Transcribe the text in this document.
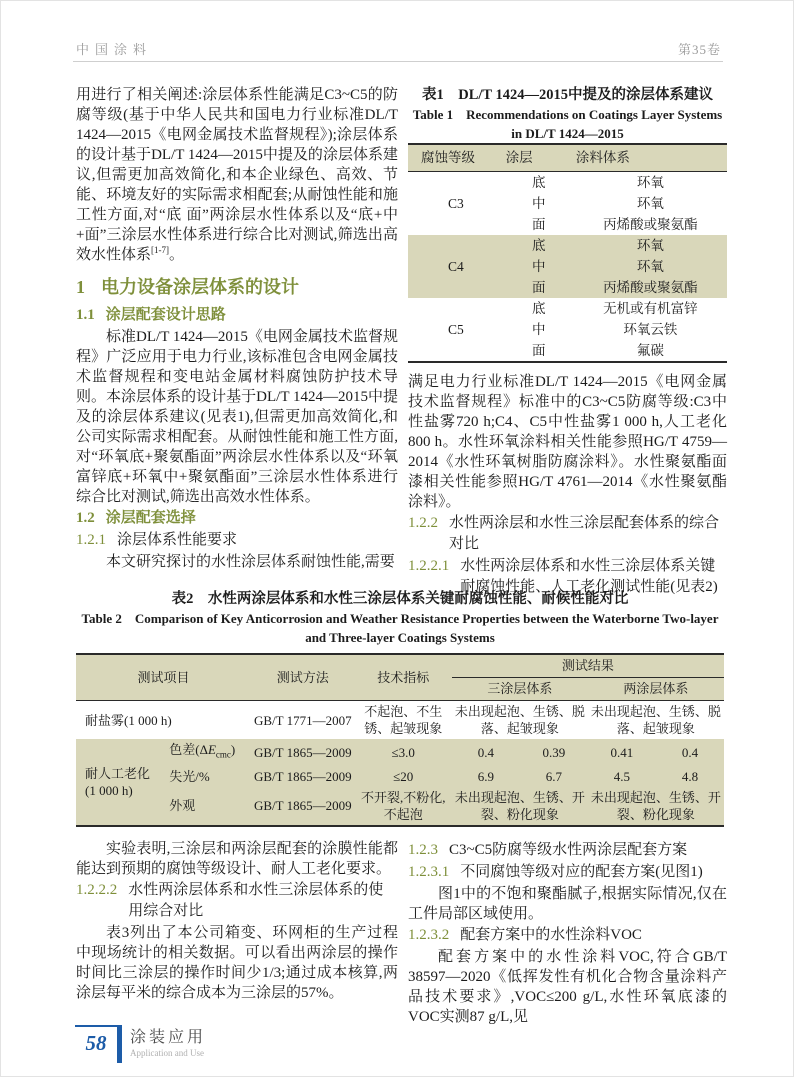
中国涂料	第35卷

用进行了相关阐述:涂层体系性能满足C3~C5的防腐等级(基于中华人民共和国电力行业标准DL/T 1424—2015《电网金属技术监督规程》);涂层体系的设计基于DL/T 1424—2015中提及的涂层体系建议,但需更加高效简化,和本企业绿色、高效、节能、环境友好的实际需求相配套;从耐蚀性能和施工性方面,对“底 面”两涂层水性体系以及“底+中+面”三涂层水性体系进行综合比对测试,筛选出高效水性体系[1-7]。

1 电力设备涂层体系的设计
1.1 涂层配套设计思路

标准DL/T 1424—2015《电网金属技术监督规程》广泛应用于电力行业,该标准包含电网金属技术监督规程和变电站金属材料腐蚀防护技术导则。本涂层体系的设计基于DL/T 1424—2015中提及的涂层体系建议(见表1),但需更加高效简化,和公司实际需求相配套。从耐蚀性能和施工性方面,对“环氧底+聚氨酯面”两涂层水性体系以及“环氧富锌底+环氧中+聚氨酯面”三涂层水性体系进行综合比对测试,筛选出高效水性体系。

1.2 涂层配套选择
1.2.1 涂层体系性能要求

本文研究探讨的水性涂层体系耐蚀性能,需要

表1　DL/T 1424—2015中提及的涂层体系建议

Table 1　Recommendations on Coatings Layer Systems in DL/T 1424—2015

腐蚀等级	涂层	涂料体系
C3	底	环氧
	中	环氧
	面	丙烯酸或聚氨酯
C4	底	环氧
	中	环氧
	面	丙烯酸或聚氨酯
C5	底	无机或有机富锌
	中	环氧云铁
	面	氟碳

满足电力行业标准DL/T 1424—2015《电网金属技术监督规程》标准中的C3~C5防腐等级:C3中性盐雾720 h;C4、C5中性盐雾1 000 h,人工老化800 h。水性环氧涂料相关性能参照HG/T 4759—2014《水性环氧树脂防腐涂料》。水性聚氨酯面漆相关性能参照HG/T 4761—2014《水性聚氨酯涂料》。

1.2.2 水性两涂层和水性三涂层配套体系的综合对比
1.2.2.1 水性两涂层体系和水性三涂层体系关键耐腐蚀性能、人工老化测试性能(见表2)

表2　水性两涂层体系和水性三涂层体系关键耐腐蚀性能、耐候性能对比

Table 2　Comparison of Key Anticorrosion and Weather Resistance Properties between the Waterborne Two-layer and Three-layer Coatings Systems

测试项目		测试方法	技术指标	测试结果			
				三涂层体系		两涂层体系	
耐盐雾(1 000 h)		GB/T 1771—2007	不起泡、不生锈、起皱现象	未出现起泡、生锈、脱落、起皱现象		未出现起泡、生锈、脱落、起皱现象	
耐人工老化
(1 000 h)	色差$(\Delta E_{cmc})$	GB/T 1865—2009	≤3.0	0.4	0.39	0.41	0.4
	失光/%	GB/T 1865—2009	≤20	6.9	6.7	4.5	4.8
	外观	GB/T 1865—2009	不开裂,不粉化,不起泡	未出现起泡、生锈、开裂、粉化现象		未出现起泡、生锈、开裂、粉化现象	

实验表明,三涂层和两涂层配套的涂膜性能都能达到预期的腐蚀等级设计、耐人工老化要求。

1.2.2.2 水性两涂层体系和水性三涂层体系的使用综合对比

表3列出了本公司箱变、环网柜的生产过程中现场统计的相关数据。可以看出两涂层的操作时间比三涂层的操作时间少1/3;通过成本核算,两涂层每平米的综合成本为三涂层的57%。

1.2.3 C3~C5防腐等级水性两涂层配套方案
1.2.3.1 不同腐蚀等级对应的配套方案(见图1)

图1中的不饱和聚酯腻子,根据实际情况,仅在工件局部区域使用。

1.2.3.2 配套方案中的水性涂料VOC

配套方案中的水性涂料VOC,符合GB/T 38597—2020《低挥发性有机化合物含量涂料产品技术要求》,VOC≤200 g/L,水性环氧底漆的VOC实测87 g/L,见

58	涂装应用
Application and Use
